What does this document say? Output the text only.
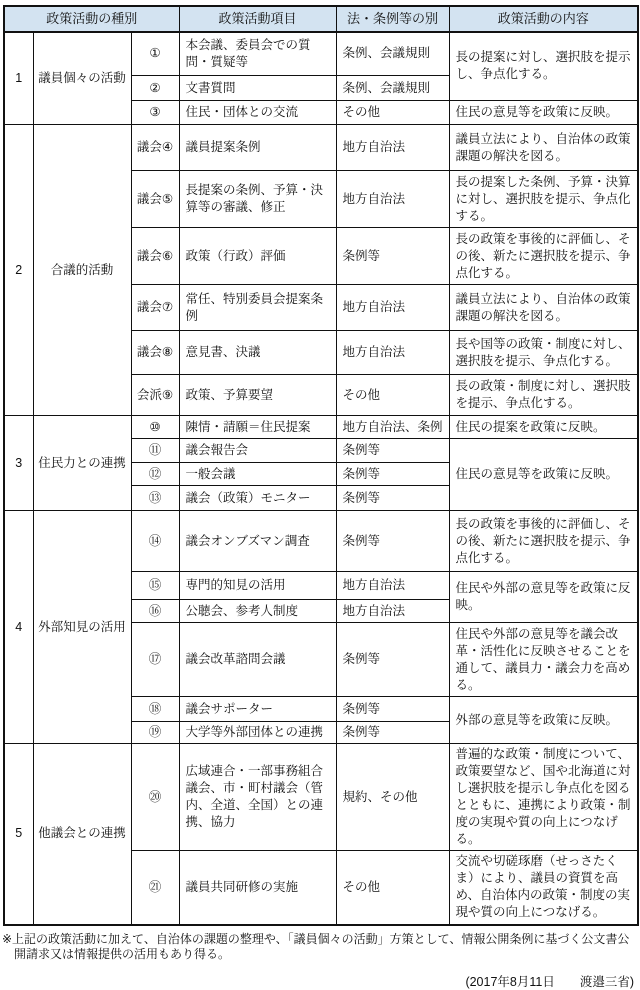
政策活動の種別			政策活動項目	法・条例等の別	政策活動の内容
1	議員個々の活動	①	本会議、委員会での質問・質疑等	条例、会議規則	長の提案に対し、選択肢を提示し、争点化する。
		②	文書質問	条例、会議規則	
		③	住民・団体との交流	その他	住民の意見等を政策に反映。
2	合議的活動	議会④	議員提案条例	地方自治法	議員立法により、自治体の政策課題の解決を図る。
		議会⑤	長提案の条例、予算・決算等の審議、修正	地方自治法	長の提案した条例、予算・決算に対し、選択肢を提示、争点化する。
		議会⑥	政策（行政）評価	条例等	長の政策を事後的に評価し、その後、新たに選択肢を提示、争点化する。
		議会⑦	常任、特別委員会提案条例	地方自治法	議員立法により、自治体の政策課題の解決を図る。
		議会⑧	意見書、決議	地方自治法	長や国等の政策・制度に対し、選択肢を提示、争点化する。
		会派⑨	政策、予算要望	その他	長の政策・制度に対し、選択肢を提示、争点化する。
3	住民力との連携	⑩	陳情・請願＝住民提案	地方自治法、条例	住民の提案を政策に反映。
		⑪	議会報告会	条例等	住民の意見等を政策に反映。
		⑫	一般会議	条例等	
		⑬	議会（政策）モニター	条例等	
4	外部知見の活用	⑭	議会オンブズマン調査	条例等	長の政策を事後的に評価し、その後、新たに選択肢を提示、争点化する。
		⑮	専門的知見の活用	地方自治法	住民や外部の意見等を政策に反映。
		⑯	公聴会、参考人制度	地方自治法	
		⑰	議会改革諮問会議	条例等	住民や外部の意見等を議会改革・活性化に反映させることを通して、議員力・議会力を高める。
		⑱	議会サポーター	条例等	外部の意見等を政策に反映。
		⑲	大学等外部団体との連携	条例等	
5	他議会との連携	⑳	広域連合・一部事務組合議会、市・町村議会（管内、全道、全国）との連携、協力	規約、その他	普遍的な政策・制度について、政策要望など、国や北海道に対し選択肢を提示し争点化を図るとともに、連携により政策・制度の実現や質の向上につなげる。
		㉑	議員共同研修の実施	その他	交流や切磋琢磨（せっさたくま）により、議員の資質を高め、自治体内の政策・制度の実現や質の向上につなげる。

※上記の政策活動に加えて、自治体の課題の整理や、「議員個々の活動」方策として、情報公開条例に基づく公文書公開請求又は情報提供の活用もあり得る。

(2017年8月11日　　渡邉三省)
